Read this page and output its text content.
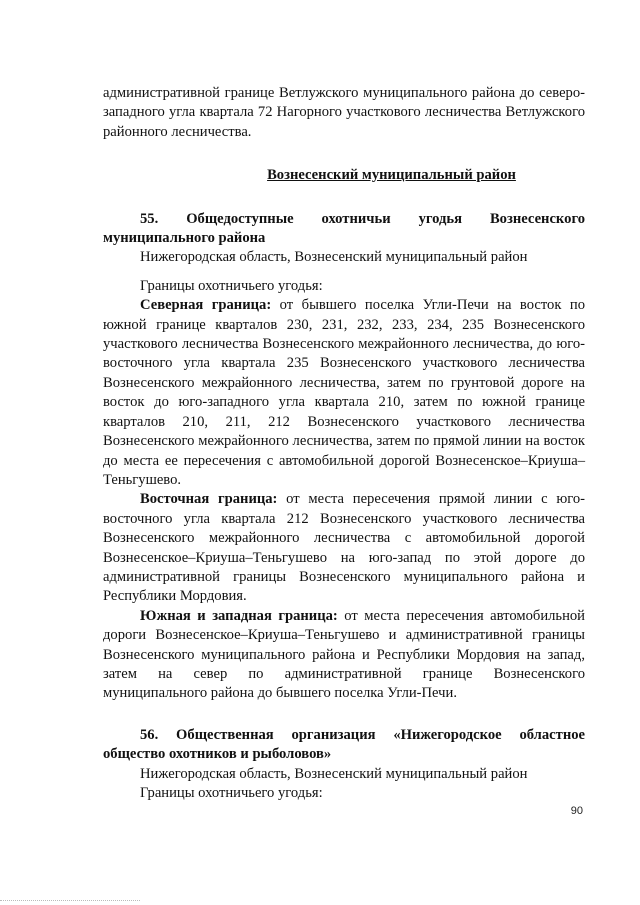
административной границе Ветлужского муниципального района до северо-западного угла квартала 72 Нагорного участкового лесничества Ветлужского районного лесничества.

Вознесенский муниципальный район

55. Общедоступные охотничьи угодья Вознесенского муниципального района

Нижегородская область, Вознесенский муниципальный район

Границы охотничьего угодья:

Северная граница: от бывшего поселка Угли-Печи на восток по южной границе кварталов 230, 231, 232, 233, 234, 235 Вознесенского участкового лесничества Вознесенского межрайонного лесничества, до юго-восточного угла квартала 235 Вознесенского участкового лесничества Вознесенского межрайонного лесничества, затем по грунтовой дороге на восток до юго-западного угла квартала 210, затем по южной границе кварталов 210, 211, 212 Вознесенского участкового лесничества Вознесенского межрайонного лесничества, затем по прямой линии на восток до места ее пересечения с автомобильной дорогой Вознесенское–Криуша–Теньгушево.

Восточная граница: от места пересечения прямой линии с юго-восточного угла квартала 212 Вознесенского участкового лесничества Вознесенского межрайонного лесничества с автомобильной дорогой Вознесенское–Криуша–Теньгушево на юго-запад по этой дороге до административной границы Вознесенского муниципального района и Республики Мордовия.

Южная и западная граница: от места пересечения автомобильной дороги Вознесенское–Криуша–Теньгушево и административной границы Вознесенского муниципального района и Республики Мордовия на запад, затем на север по административной границе Вознесенского муниципального района до бывшего поселка Угли-Печи.

56. Общественная организация «Нижегородское областное общество охотников и рыболовов»

Нижегородская область, Вознесенский муниципальный район

Границы охотничьего угодья:

90
